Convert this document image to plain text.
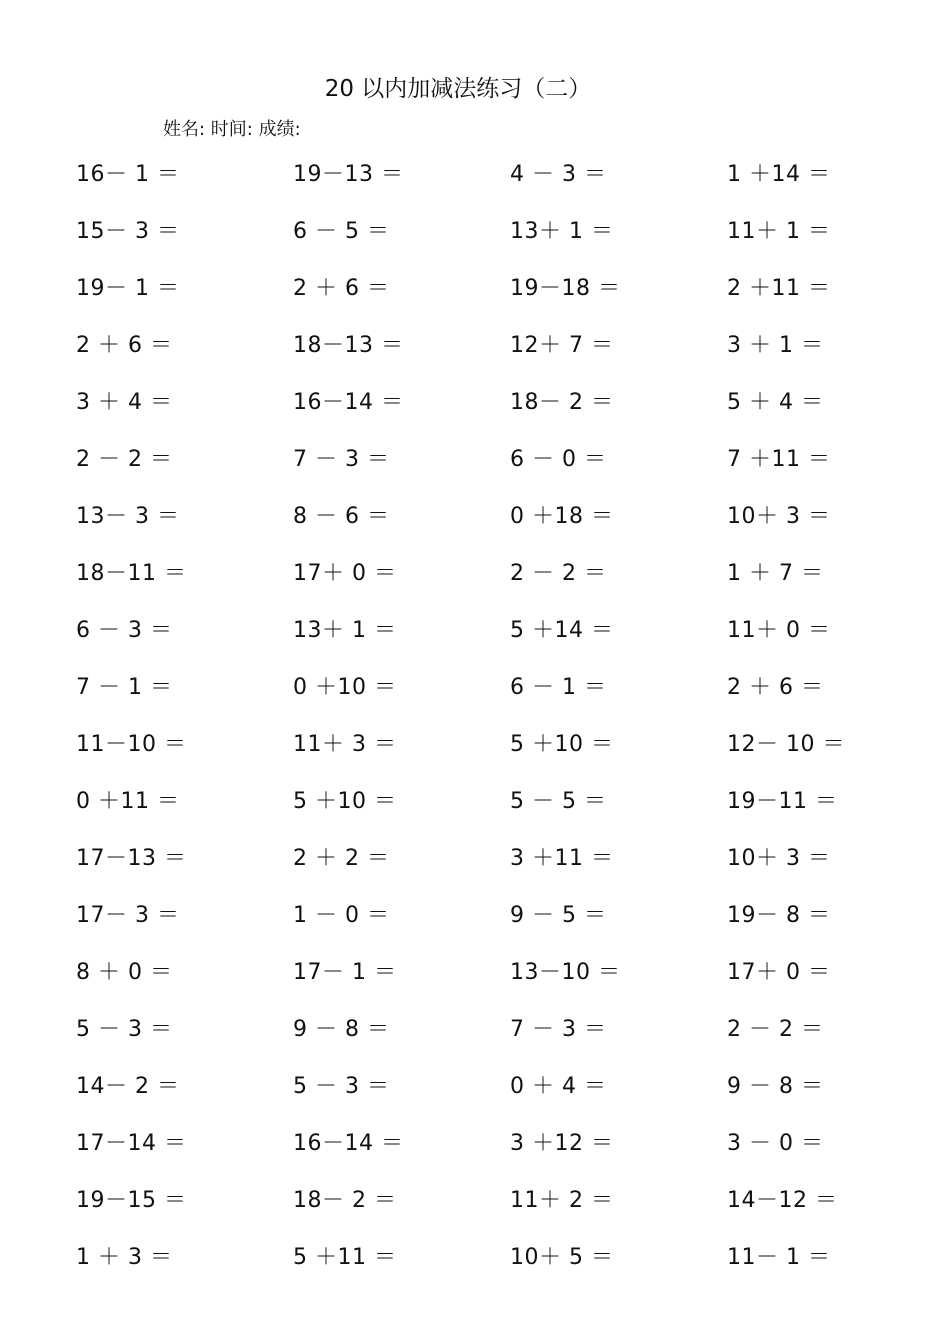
20 以内加减法练习（二）
姓名: 时间: 成绩:
16－ 1 ＝	19－13 ＝	4 － 3 ＝	1 ＋14 ＝
15－ 3 ＝	6 － 5 ＝	13＋ 1 ＝	11＋ 1 ＝
19－ 1 ＝	2 ＋ 6 ＝	19－18 ＝	2 ＋11 ＝
2 ＋ 6 ＝	18－13 ＝	12＋ 7 ＝	3 ＋ 1 ＝
3 ＋ 4 ＝	16－14 ＝	18－ 2 ＝	5 ＋ 4 ＝
2 － 2 ＝	7 － 3 ＝	6 － 0 ＝	7 ＋11 ＝
13－ 3 ＝	8 － 6 ＝	0 ＋18 ＝	10＋ 3 ＝
18－11 ＝	17＋ 0 ＝	2 － 2 ＝	1 ＋ 7 ＝
6 － 3 ＝	13＋ 1 ＝	5 ＋14 ＝	11＋ 0 ＝
7 － 1 ＝	0 ＋10 ＝	6 － 1 ＝	2 ＋ 6 ＝
11－10 ＝	11＋ 3 ＝	5 ＋10 ＝	12－ 10 ＝
0 ＋11 ＝	5 ＋10 ＝	5 － 5 ＝	19－11 ＝
17－13 ＝	2 ＋ 2 ＝	3 ＋11 ＝	10＋ 3 ＝
17－ 3 ＝	1 － 0 ＝	9 － 5 ＝	19－ 8 ＝
8 ＋ 0 ＝	17－ 1 ＝	13－10 ＝	17＋ 0 ＝
5 － 3 ＝	9 － 8 ＝	7 － 3 ＝	2 － 2 ＝
14－ 2 ＝	5 － 3 ＝	0 ＋ 4 ＝	9 － 8 ＝
17－14 ＝	16－14 ＝	3 ＋12 ＝	3 － 0 ＝
19－15 ＝	18－ 2 ＝	11＋ 2 ＝	14－12 ＝
1 ＋ 3 ＝	5 ＋11 ＝	10＋ 5 ＝	11－ 1 ＝
